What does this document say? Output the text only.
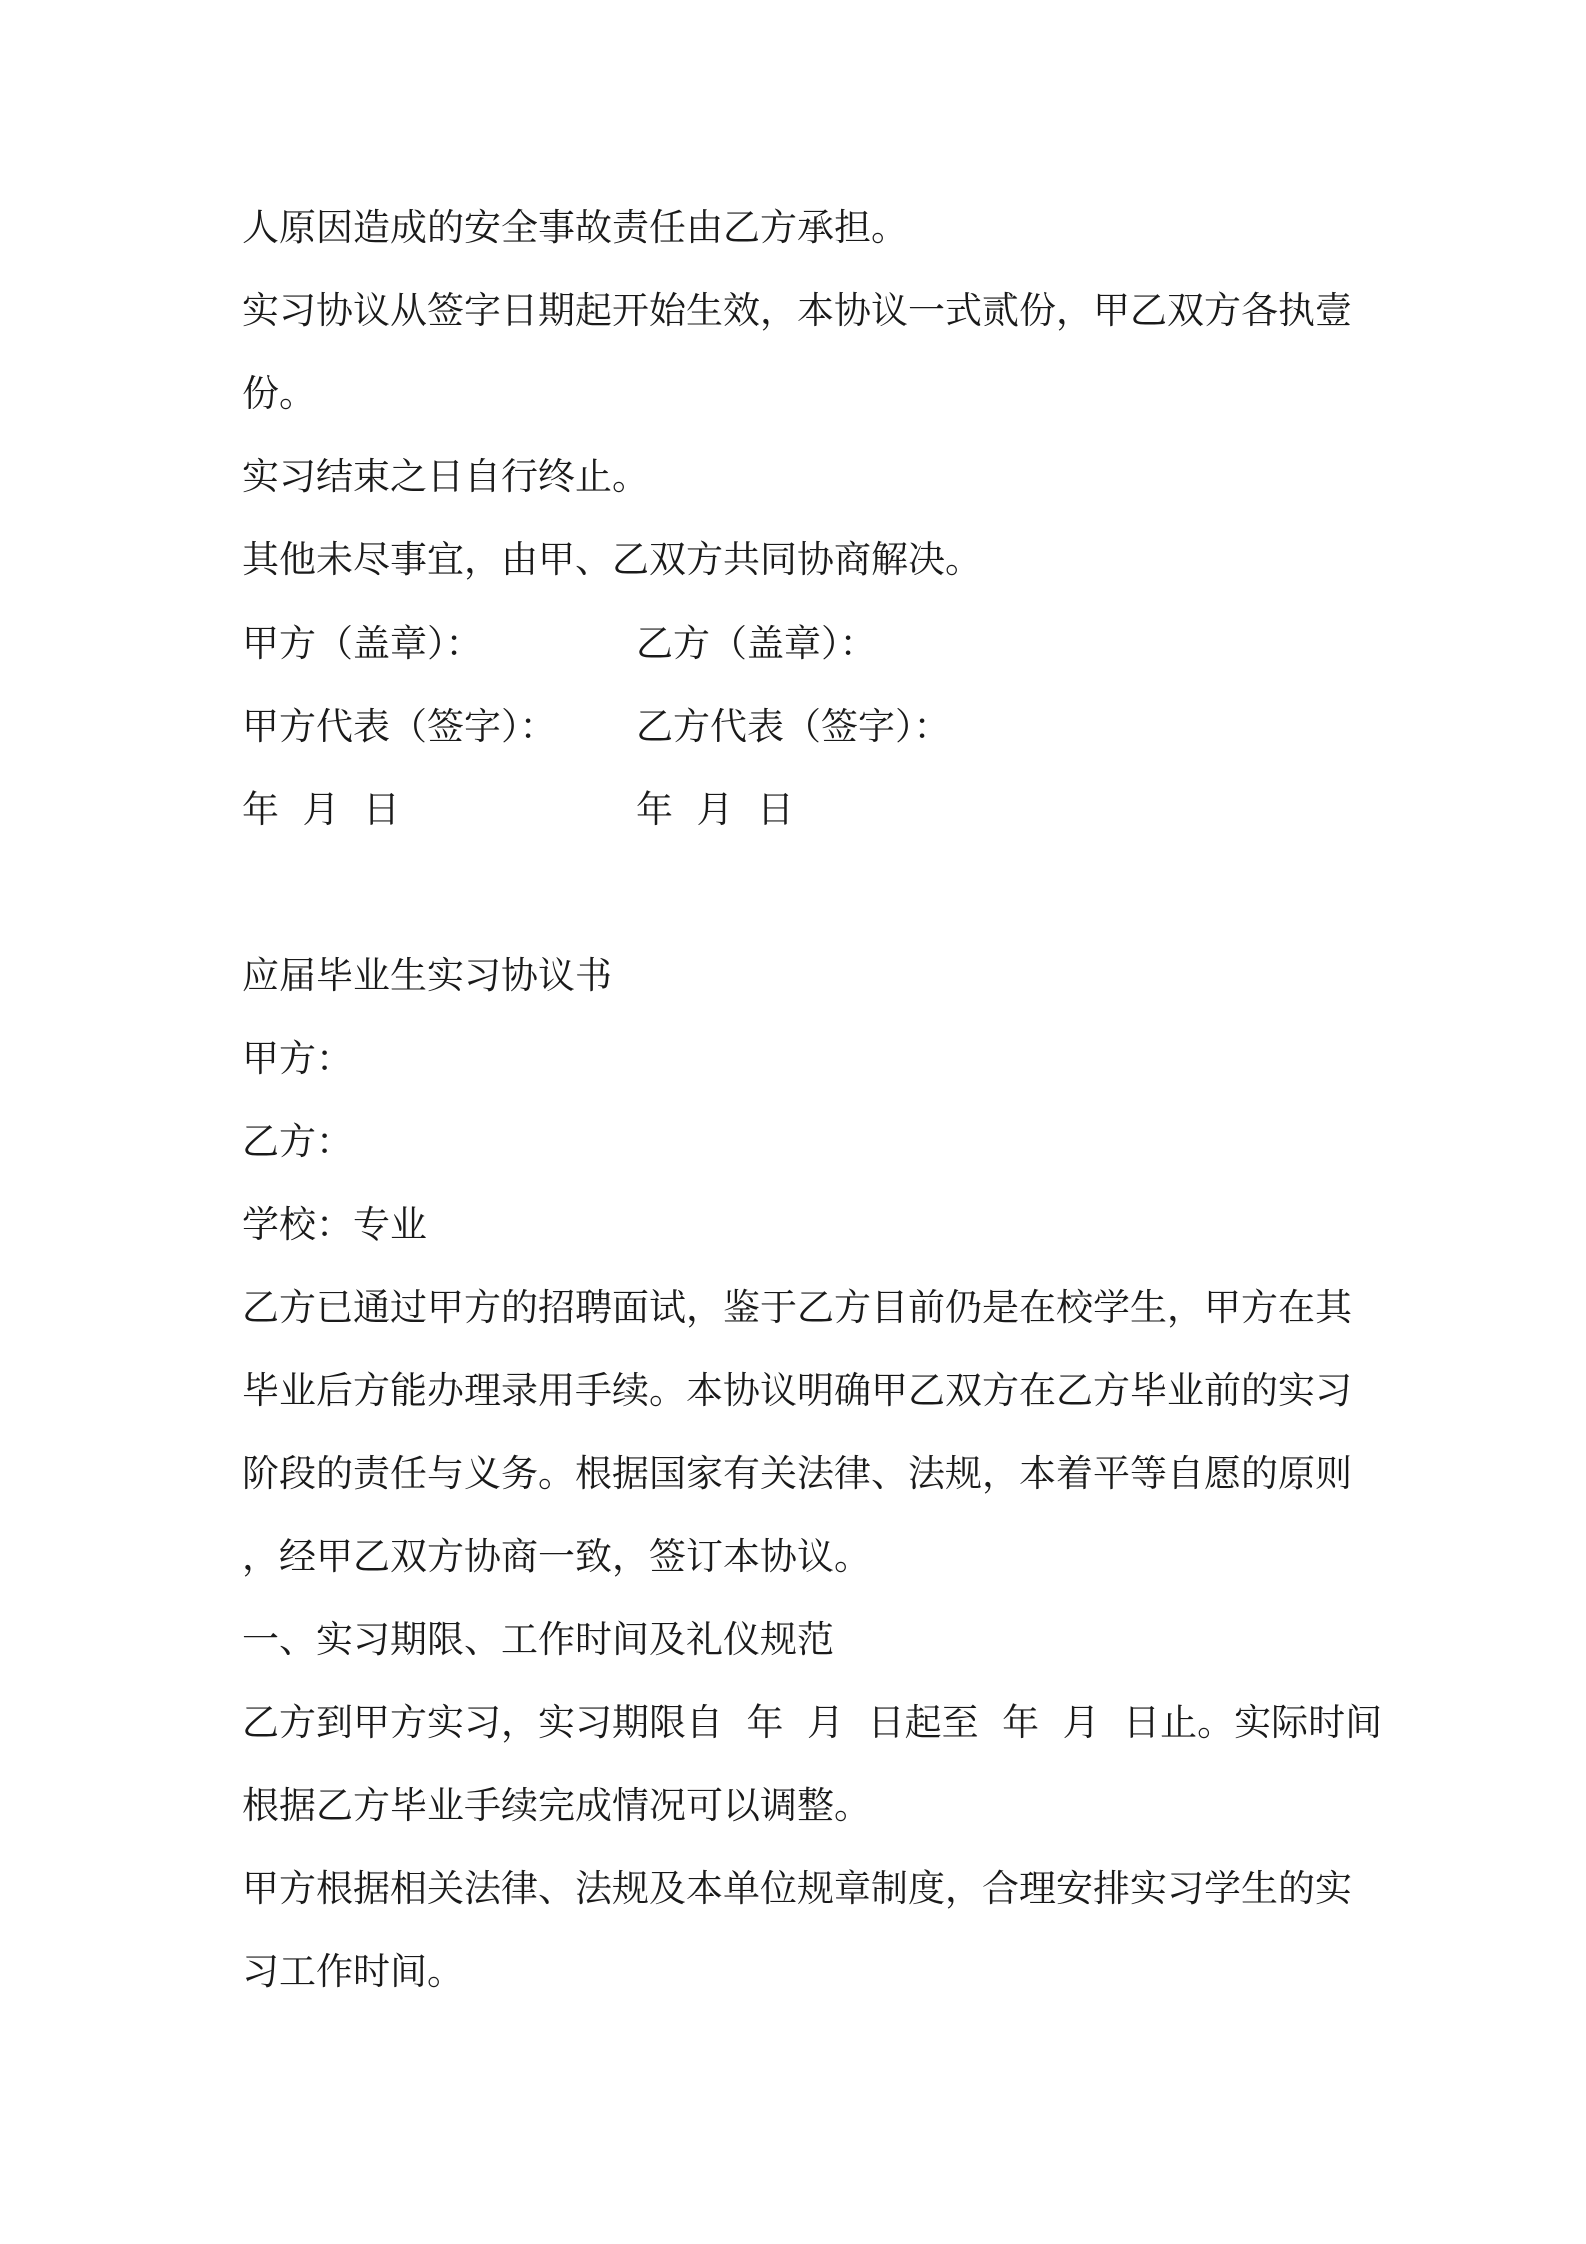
人原因造成的安全事故责任由乙方承担。
实习协议从签字日期起开始生效，本协议一式贰份，甲乙双方各执壹
份。
实习结束之日自行终止。
其他未尽事宜，由甲、乙双方共同协商解决。
甲方（盖章）：	乙方（盖章）：
甲方代表（签字）： 乙方代表（签字）：
年  月  日	年  月  日
应届毕业生实习协议书
甲方：
乙方：
学校：专业
乙方已通过甲方的招聘面试，鉴于乙方目前仍是在校学生，甲方在其
毕业后方能办理录用手续。本协议明确甲乙双方在乙方毕业前的实习
阶段的责任与义务。根据国家有关法律、法规，本着平等自愿的原则
，经甲乙双方协商一致，签订本协议。
一、实习期限、工作时间及礼仪规范
乙方到甲方实习，实习期限自  年  月  日起至  年  月  日止。实际时间
根据乙方毕业手续完成情况可以调整。
甲方根据相关法律、法规及本单位规章制度，合理安排实习学生的实
习工作时间。
